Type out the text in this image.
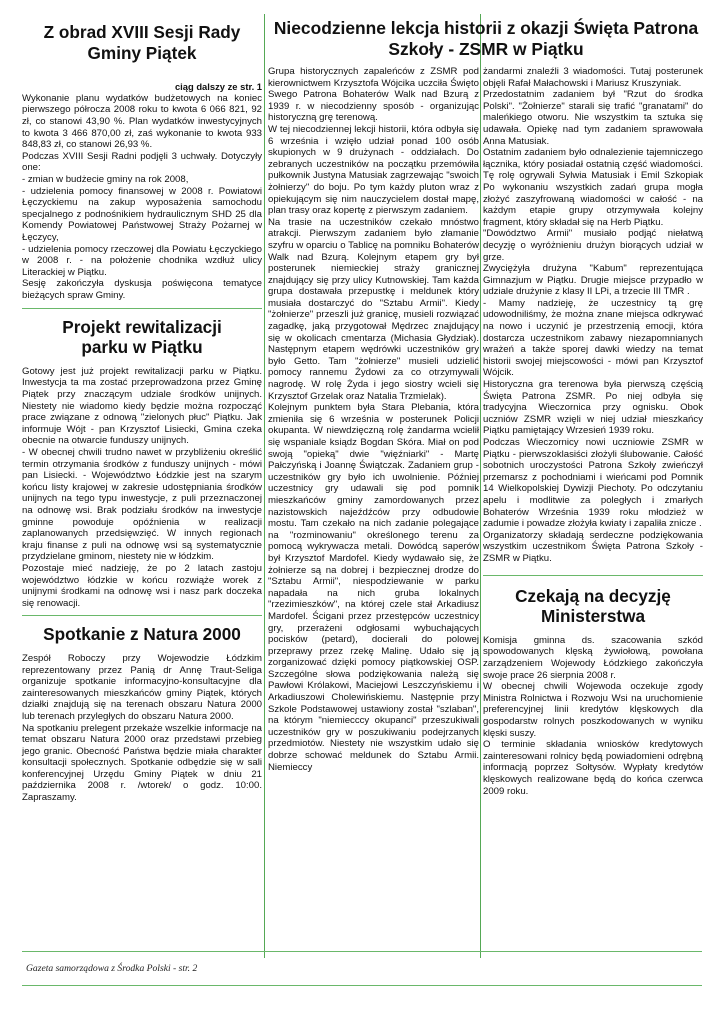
Z obrad XVIII Sesji Rady Gminy Piątek

ciąg dalszy ze str. 1

Wykonanie planu wydatków budżetowych na koniec pierwszego półrocza 2008 roku to kwota 6 066 821, 92 zł, co stanowi 43,90 %. Plan wydatków inwestycyjnych to kwota 3 466 870,00 zł, zaś wykonanie to kwota 933 848,83 zł, co stanowi 26,93 %.

Podczas XVIII Sesji Radni podjęli 3 uchwały. Dotyczyły one:

- zmian w budżecie gminy na rok 2008,

- udzielenia pomocy finansowej w 2008 r. Powiatowi Łęczyckiemu na zakup wyposażenia samochodu specjalnego z podnośnikiem hydraulicznym SHD 25 dla Komendy Powiatowej Państwowej Straży Pożarnej w Łęczycy,

- udzielenia pomocy rzeczowej dla Powiatu Łęczyckiego w 2008 r. - na położenie chodnika wzdłuż ulicy Literackiej w Piątku.

Sesję zakończyła dyskusja poświęcona tematyce bieżących spraw Gminy.

Projekt rewitalizacji parku w Piątku

Gotowy jest już projekt rewitalizacji parku w Piątku. Inwestycja ta ma zostać przeprowadzona przez Gminę Piątek przy znaczącym udziale środków unijnych. Niestety nie wiadomo kiedy będzie można rozpocząć prace związane z odnową "zielonych płuc" Piątku. Jak informuje Wójt - pan Krzysztof Lisiecki, Gmina czeka obecnie na otwarcie funduszy unijnych.

- W obecnej chwili trudno nawet w przybliżeniu określić termin otrzymania środków z funduszy unijnych - mówi pan Lisiecki. - Województwo Łódzkie jest na szarym końcu listy krajowej w zakresie udostępniania środków unijnych na tego typu inwestycje, z puli przeznaczonej na odnowę wsi. Brak podziału środków na inwestycje gminne powoduje opóźnienia w realizacji zaplanowanych przedsięwzięć. W innych regionach kraju finanse z puli na odnowę wsi są systematycznie przydzielane gminom, niestety nie w łódzkim.

Pozostaje mieć nadzieję, że po 2 latach zastoju województwo łódzkie w końcu rozwiąże worek z unijnymi środkami na odnowę wsi i nasz park doczeka się renowacji.

Spotkanie z Natura 2000

Zespół Roboczy przy Wojewodzie Łódzkim reprezentowany przez Panią dr Annę Traut-Seliga organizuje spotkanie informacyjno-konsultacyjne dla zainteresowanych mieszkańców gminy Piątek, których działki znajdują się na terenach obszaru Natura 2000 lub terenach przyległych do obszaru Natura 2000.

Na spotkaniu prelegent przekaże wszelkie informacje na temat obszaru Natura 2000 oraz przedstawi przebieg jego granic. Obecność Państwa będzie miała charakter konsultacji społecznych. Spotkanie odbędzie się w sali konferencyjnej Urzędu Gminy Piątek w dniu 21 października 2008 r. /wtorek/ o godz. 10:00. Zapraszamy.

Niecodzienne lekcja historii z okazji Święta Patrona Szkoły - ZSMR w Piątku

Grupa historycznych zapaleńców z ZSMR pod kierownictwem Krzysztofa Wójcika uczciła Święto Swego Patrona Bohaterów Walk nad Bzurą z 1939 r. w niecodzienny sposób - organizując historyczną grę terenową.

W tej niecodziennej lekcji historii, która odbyła się 6 września i wzięło udział ponad 100 osób skupionych w 9 drużynach - oddziałach. Do zebranych uczestników na początku przemówiła pułkownik Justyna Matusiak zagrzewając "swoich żołnierzy" do boju. Po tym każdy pluton wraz z opiekującym się nim nauczycielem dostał mapę, plan trasy oraz kopertę z pierwszym zadaniem.

Na trasie na uczestników czekało mnóstwo atrakcji. Pierwszym zadaniem było złamanie szyfru w oparciu o Tablicę na pomniku Bohaterów Walk nad Bzurą. Kolejnym etapem gry był posterunek niemieckiej straży granicznej znajdujący się przy ulicy Kutnowskiej. Tam każda grupa dostawała przepustkę i meldunek który musiała dostarczyć do "Sztabu Armii". Kiedy "żołnierze" przeszli już granicę, musieli rozwiązać zagadkę, jaką przygotował Mędrzec znajdujący się w okolicach cmentarza (Michasia Głydziak). Następnym etapem wędrówki uczestników gry było Getto. Tam "żołnierze" musieli udzielić pomocy rannemu Żydowi za co otrzymywali nagrodę. W rolę Żyda i jego siostry wcieli się Krzysztof Grzelak oraz Natalia Trzmielak).

Kolejnym punktem była Stara Plebania, która zmieniła się 6 września w posterunek Policji okupanta. W niewdzięczną rolę żandarma wcielił się wspaniale ksiądz Bogdan Skóra. Miał on pod swoją "opieką" dwie "więźniarki" - Martę Pałczyńską i Joannę Świątczak. Zadaniem grup - uczestników gry było ich uwolnienie. Później uczestnicy gry udawali się pod pomnik mieszkańców gminy zamordowanych przez nazistowskich najeźdźców przy odbudowie mostu. Tam czekało na nich zadanie polegające na "rozminowaniu" określonego terenu za pomocą wykrywacza metali. Dowódcą saperów był Krzysztof Mardofel. Kiedy wydawało się, że żołnierze są na dobrej i bezpiecznej drodze do "Sztabu Armii", niespodziewanie w parku napadała na nich gruba lokalnych "rzezimieszków", na której czele stał Arkadiusz Mardofel. Ścigani przez przestępców uczestnicy gry, przerażeni odgłosami wybuchających pocisków (petard), docierali do polowej przeprawy przez rzekę Malinę. Udało się ją zorganizować dzięki pomocy piątkowskiej OSP. Szczególne słowa podziękowania należą się Pawłowi Królakowi, Maciejowi Leszczyńskiemu i Arkadiuszowi Cholewińskiemu. Następnie przy Szkole Podstawowej ustawiony został "szlaban", na którym "niemiecccy okupanci" przeszukiwali uczestników gry w poszukiwaniu podejrzanych przedmiotów. Niestety nie wszystkim udało się dobrze schować meldunek do Sztabu Armii. Niemieccy

żandarmi znaleźli 3 wiadomości. Tutaj posterunek objęli Rafał Małachowski i Mariusz Kruszyniak.

Przedostatnim zadaniem był "Rzut do środka Polski". "Żołnierze" starali się trafić "granatami" do maleńkiego otworu. Nie wszystkim ta sztuka się udawała. Opiekę nad tym zadaniem sprawowała Anna Matusiak.

Ostatnim zadaniem było odnalezienie tajemniczego łącznika, który posiadał ostatnią część wiadomości. Tę rolę ogrywali Sylwia Matusiak i Emil Szkopiak Po wykonaniu wszystkich zadań grupa mogła złożyć zaszyfrowaną wiadomości w całość - na każdym etapie grupy otrzymywała kolejny fragment, który składał się na Herb Piątku.

"Dowództwo Armii" musiało podjąć niełatwą decyzję o wyróżnieniu drużyn biorących udział w grze.

Zwyciężyła drużyna "Kabum" reprezentująca Gimnazjum w Piątku. Drugie miejsce przypadło w udziale drużynie z klasy II LPi, a trzecie III TMR .

- Mamy nadzieję, że uczestnicy tą grę udowodniliśmy, że można znane miejsca odkrywać na nowo i uczynić je przestrzenią emocji, która dostarcza uczestnikom zabawy niezapomnianych wrażeń a także sporej dawki wiedzy na temat historii swojej miejscowości - mówi pan Krzysztof Wójcik.

Historyczna gra terenowa była pierwszą częścią Święta Patrona ZSMR. Po niej odbyła się tradycyjna Wieczornica przy ognisku. Obok uczniów ZSMR wzięli w niej udział mieszkańcy Piątku pamiętający Wrzesień 1939 roku.

Podczas Wieczornicy nowi uczniowie ZSMR w Piątku - pierwszoklasiści złożyli ślubowanie. Całość sobotnich uroczystości Patrona Szkoły zwieńczył przemarsz z pochodniami i wieńcami pod Pomnik 14 Wielkopolskiej Dywizji Piechoty. Po odczytaniu apelu i modlitwie za poległych i zmarłych Bohaterów Września 1939 roku młodzież w zadumie i powadze złożyła kwiaty i zapaliła znicze .

Organizatorzy składają serdeczne podziękowania wszystkim uczestnikom Święta Patrona Szkoły - ZSMR w Piątku.

Czekają na decyzję Ministerstwa

Komisja gminna ds. szacowania szkód spowodowanych klęską żywiołową, powołana zarządzeniem Wojewody Łódzkiego zakończyła swoje prace 26 sierpnia 2008 r.

W obecnej chwili Wojewoda oczekuje zgody Ministra Rolnictwa i Rozwoju Wsi na uruchomienie preferencyjnej linii kredytów klęskowych dla gospodarstw rolnych poszkodowanych w wyniku klęski suszy.

O terminie składania wniosków kredytowych zainteresowani rolnicy będą powiadomieni odrębną informacją poprzez Sołtysów. Wypłaty kredytów klęskowych realizowane będą do końca czerwca 2009 roku.

Gazeta samorządowa z Środka Polski - str. 2
